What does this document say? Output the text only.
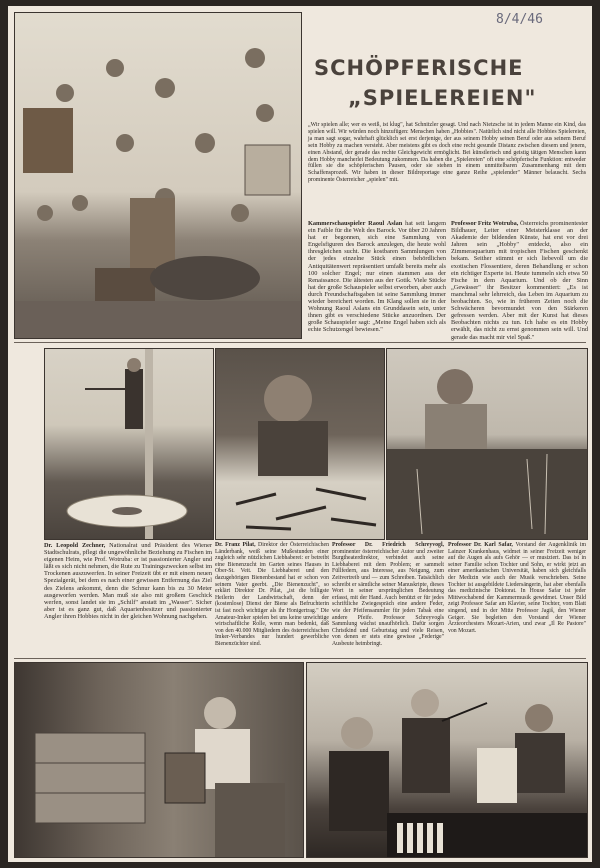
8/4/46
SCHÖPFERISCHE
„SPIELEREIEN"
„Wir spielen alle; wer es weiß, ist klug", hat Schnitzler gesagt. Und nach Nietzsche ist in jedem Manne ein Kind, das spielen will. Wir würden noch hinzufügen: Menschen haben „Hobbies". Natürlich sind nicht alle Hobbies Spielereien, ja man sagt sogar, wahrhaft glücklich sei erst derjenige, der aus seinem Hobby seinen Beruf oder aus seinem Beruf sein Hobby zu machen versteht. Aber meistens gibt es doch eine recht gesunde Distanz zwischen diesem und jenem, einen Abstand, der gerade das rechte Gleichgewicht ermöglicht. Bei künstlerisch und geistig tätigen Menschen kann dem Hobby mancherlei Bedeutung zukommen. Da haben die „Spielereien" oft eine schöpferische Funktion: entweder füllen sie die schöpferischen Pausen, oder sie stehen in einem unmittelbaren Zusammenhang mit dem Schaffensprozeß. Wir haben in dieser Bildreportage eine ganze Reihe „spielender" Männer belauscht. Sechs prominente Österreicher „spielen" mit.
Kammerschauspieler Raoul Aslan hat seit langem ein Faible für die Welt des Barock. Vor über 20 Jahren hat er begonnen, sich eine Sammlung von Engelsfiguren des Barock anzulegen, die heute wohl ihresgleichen sucht. Die kostbaren Sammlungen von der jedes einzelne Stück einen behördlichen Antiquitätenwert repräsentiert umfaßt bereits mehr als 100 solcher Engel; nur einen stammen aus der Renaissance. Die ältesten aus der Gotik. Viele Stücke hat der große Schauspieler selbst erworben, aber auch durch Freundschaftsgaben ist seine Sammlung immer wieder bereichert worden. Im Klang sollen sie in der Wohnung Raoul Aslans ein Grunddasein sein, unter ihnen gibt es verschiedene Stücke anzuordnen. Der große Schauspieler sagt: „Meine Engel haben sich als echte Schutzengel bewiesen."
Professor Fritz Wotruba, Österreichs prominentester Bildhauer, Leiter einer Meisterklasse an der Akademie der bildenden Künste, hat erst vor drei Jahren sein „Hobby" entdeckt, also ein Zimmeraquarium mit tropischen Fischen geschenkt bekam. Seither stimmt er sich liebevoll um die exotischen Flossentiere, deren Behandlung er schon ein richtiger Experte ist. Heute tummeln sich etwa 50 Fische in dem Aquarium. Und ob der Sinn „Gewässer" ihr Besitzer kommentiert: „Es ist manchmal sehr lehrreich, das Leben im Aquarium zu beobachten. So, wie in früheren Zeiten noch die Schwächeren bevormundet von den Stärkeren gefressen werden. Aber mit der Kunst hat dieses Beobachten nichts zu tun. Ich habe es ein Hobby erwählt, das nicht zu ernst genommen sein will. Und gerade das macht mir viel Spaß."
Dr. Leopold Zechner, Nationalrat und Präsident des Wiener Stadtschulrats, pflegt die ungewöhnliche Beziehung zu Fischen im eigenen Heim, wie Prof. Wotruba: er ist passionierter Angler und läßt es sich nicht nehmen, die Rute zu Trainingszwecken selbst im Trockenen auszuwerfen. In seiner Freizeit übt er mit einem neuen Spezialgerät, bei dem es nach einer gewissen Entfernung das Ziel des Zielens ankommt, denn die Schnur kann bis zu 30 Meter ausgeworfen werden. Man muß sie also mit großem Geschick werfen, sonst landet sie im „Schilf" anstatt im „Wasser". Sicher aber ist es ganz gut, daß Aquarienbesitzer und passionierter Angler ihren Hobbies nicht in der gleichen Wohnung nachgehen.
Dr. Franz Pilat, Direktor der Österreichischen Länderbank, weiß seine Mußestunden einer zugleich sehr nützlichen Liebhaberei: er betreibt eine Bienenzucht im Garten seines Hauses in Ober-St. Veit. Die Liebhaberei und den dazugehörigen Bienenbestand hat er schon von seinem Vater geerbt. „Die Bienenzucht", so erklärt Direktor Dr. Pilat, „ist die billigste Heilerin der Landwirtschaft, denn der (kostenlose) Dienst der Biene als Befruchterin ist fast noch wichtiger als ihr Honigertrag." Die Amateur-Imker spielen bei uns keine unwichtige wirtschaftliche Rolle, wenn man bedenkt, daß von den 40.000 Mitgliedern des österreichischen Imker-Verbandes nur hundert gewerbliche Bienenzüchter sind.
Professor Dr. Friedrich Schreyvogl, prominenter österreichischer Autor und zweiter Burgtheaterdirektor, verbindet auch seine Liebhaberei mit dem Problem; er sammelt Füllfedern, aus Interesse, aus Neigung, zum Zeitvertreib und — zum Schreiben. Tatsächlich schreibt er sämtliche seiner Manuskripte, dieses Wort in seiner ursprünglichen Bedeutung erfasst, mit der Hand. Auch benützt er für jedes schriftliche Zwiegespräch eine andere Feder, wie der Pfeifensammler für jeden Tabak eine andere Pfeife. Professor Schreyvogls Sammlung wächst unaufhörlich. Dafür sorgen Christkind und Geburtstag und viele Reisen, von denen er stets eine gewisse „Federige" Ausbeute heimbringt.
Professor Dr. Karl Safar, Vorstand der Augenklinik im Lainzer Krankenhaus, widmet in seiner Freizeit weniger auf die Augen als aufs Gehör — er musiziert. Das ist in seiner Familie schon Tochter und Sohn, er wirkt jetzt an einer amerikanischen Universität, haben sich gleichfalls der Medizin wie auch der Musik verschrieben. Seine Tochter ist ausgebildete Liedersängerin, hat aber ebenfalls das medizinische Doktorat. In House Safar ist jeder Mittwochabend der Kammermusik gewidmet. Unser Bild zeigt Professor Safar am Klavier, seine Tochter, vom Blatt singend, und in der Mitte Professor Jagiš, den Wiener Geiger. Sie begleiten den Vorstand der Wiener Ärzteorchesters Mozart-Arien, und zwar „Il Re Pastore" von Mozart.
